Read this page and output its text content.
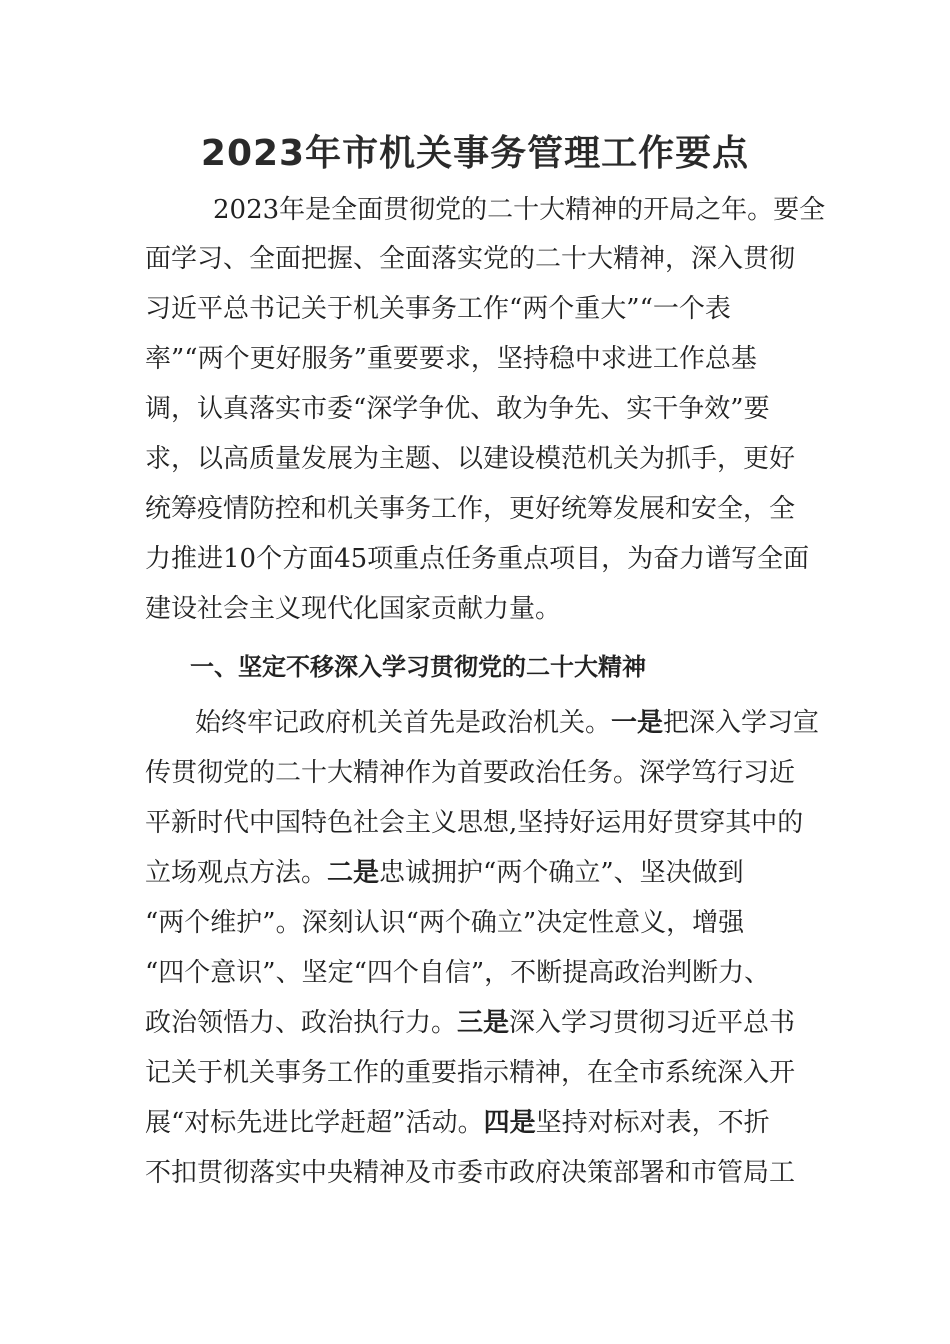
2023年市机关事务管理工作要点

2023年是全面贯彻党的二十大精神的开局之年。要全

面学习、全面把握、全面落实党的二十大精神，深入贯彻

习近平总书记关于机关事务工作“两个重大”“一个表

率”“两个更好服务”重要要求，坚持稳中求进工作总基

调，认真落实市委“深学争优、敢为争先、实干争效”要

求，以高质量发展为主题、以建设模范机关为抓手，更好

统筹疫情防控和机关事务工作，更好统筹发展和安全，全

力推进10个方面45项重点任务重点项目，为奋力谱写全面

建设社会主义现代化国家贡献力量。

一、坚定不移深入学习贯彻党的二十大精神

始终牢记政府机关首先是政治机关。一是把深入学习宣

传贯彻党的二十大精神作为首要政治任务。深学笃行习近

平新时代中国特色社会主义思想,坚持好运用好贯穿其中的

立场观点方法。二是忠诚拥护“两个确立”、坚决做到

“两个维护”。深刻认识“两个确立”决定性意义，增强

“四个意识”、坚定“四个自信”，不断提高政治判断力、

政治领悟力、政治执行力。三是深入学习贯彻习近平总书

记关于机关事务工作的重要指示精神，在全市系统深入开

展“对标先进比学赶超”活动。四是坚持对标对表，不折

不扣贯彻落实中央精神及市委市政府决策部署和市管局工
